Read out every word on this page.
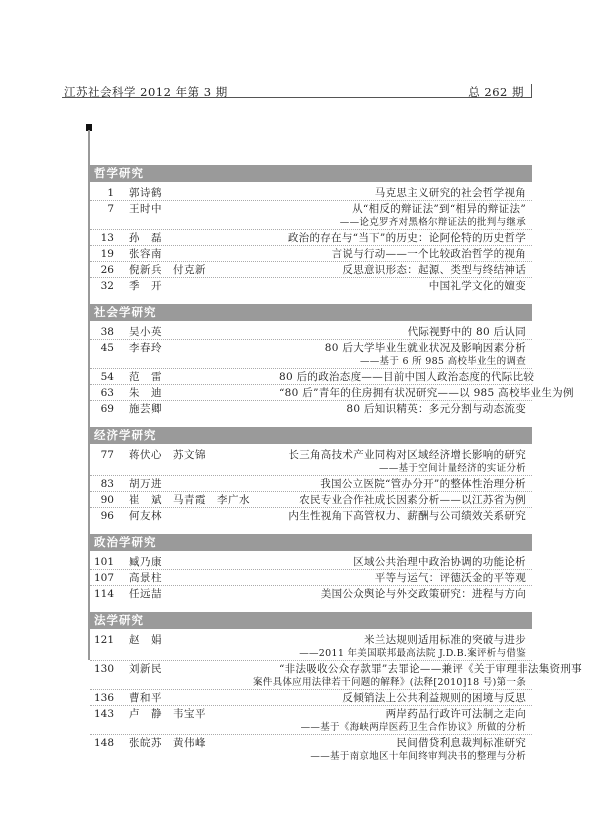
江苏社会科学 2012 年第 3 期	总 262 期
哲学研究
1	郭诗鹤	马克思主义研究的社会哲学视角
7	王时中	从“相反的辩证法”到“相异的辩证法”
——论克罗齐对黑格尔辩证法的批判与继承
13	孙　磊	政治的存在与“当下”的历史：论阿伦特的历史哲学
19	张容南	言说与行动——一个比较政治哲学的视角
26	倪新兵　付克新	反思意识形态：起源、类型与终结神话
32	季　开	中国礼学文化的嬗变
社会学研究
38	吴小英	代际视野中的 80 后认同
45	李春玲	80 后大学毕业生就业状况及影响因素分析
——基于 6 所 985 高校毕业生的调查
54	范　雷	80 后的政治态度——目前中国人政治态度的代际比较
63	朱　迪	“80 后”青年的住房拥有状况研究——以 985 高校毕业生为例
69	施芸卿	80 后知识精英：多元分割与动态流变
经济学研究
77	蒋伏心　苏文锦	长三角高技术产业同构对区域经济增长影响的研究
——基于空间计量经济的实证分析
83	胡万进	我国公立医院“管办分开”的整体性治理分析
90	崔　斌　马青霞　李广水	农民专业合作社成长因素分析——以江苏省为例
96	何友林	内生性视角下高管权力、薪酬与公司绩效关系研究
政治学研究
101	臧乃康	区域公共治理中政治协调的功能论析
107	高景柱	平等与运气：评德沃金的平等观
114	任远喆	美国公众舆论与外交政策研究：进程与方向
法学研究
121	赵　娟	米兰达规则适用标准的突破与进步
——2011 年美国联邦最高法院 J.D.B.案评析与借鉴
130	刘新民	“非法吸收公众存款罪”去罪论——兼评《关于审理非法集资刑事
案件具体应用法律若干问题的解释》(法释[2010]18 号)第一条
136	曹和平	反倾销法上公共利益规则的困境与反思
143	卢　静　韦宝平	两岸药品行政许可法制之走向
——基于《海峡两岸医药卫生合作协议》所做的分析
148	张皖苏　黄伟峰	民间借贷利息裁判标准研究
——基于南京地区十年间终审判决书的整理与分析
